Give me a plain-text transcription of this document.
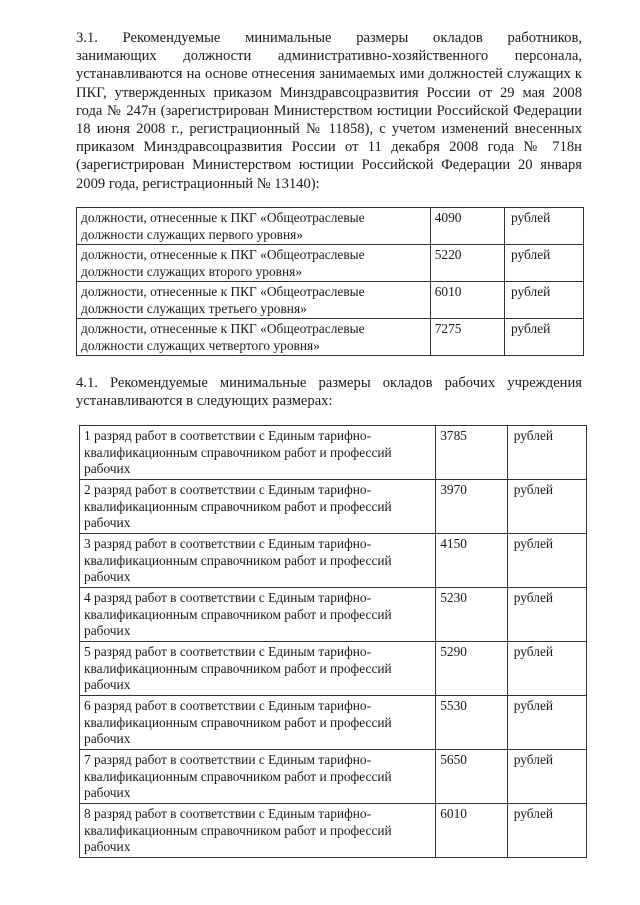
3.1. Рекомендуемые минимальные размеры окладов работников,
занимающих должности административно-хозяйственного персонала,
устанавливаются на основе отнесения занимаемых ими должностей служащих к
ПКГ, утвержденных приказом Минздравсоцразвития России от 29 мая 2008
года № 247н (зарегистрирован Министерством юстиции Российской Федерации
18 июня 2008 г., регистрационный № 11858), с учетом изменений внесенных
приказом Минздравсоцразвития России от 11 декабря 2008 года № 718н
(зарегистрирован Министерством юстиции Российской Федерации 20 января
2009 года, регистрационный № 13140):
должности, отнесенные к ПКГ «Общеотраслевые
должности служащих первого уровня»	4090	рублей

должности, отнесенные к ПКГ «Общеотраслевые
должности служащих второго уровня»	5220	рублей

должности, отнесенные к ПКГ «Общеотраслевые
должности служащих третьего уровня»	6010	рублей

должности, отнесенные к ПКГ «Общеотраслевые
должности служащих четвертого уровня»	7275	рублей
4.1. Рекомендуемые минимальные размеры окладов рабочих учреждения
устанавливаются в следующих размерах:
1 разряд работ в соответствии с Единым тарифно-
квалификационным справочником работ и профессий
рабочих	3785	рублей

2 разряд работ в соответствии с Единым тарифно-
квалификационным справочником работ и профессий
рабочих	3970	рублей

3 разряд работ в соответствии с Единым тарифно-
квалификационным справочником работ и профессий
рабочих	4150	рублей

4 разряд работ в соответствии с Единым тарифно-
квалификационным справочником работ и профессий
рабочих	5230	рублей

5 разряд работ в соответствии с Единым тарифно-
квалификационным справочником работ и профессий
рабочих	5290	рублей

6 разряд работ в соответствии с Единым тарифно-
квалификационным справочником работ и профессий
рабочих	5530	рублей

7 разряд работ в соответствии с Единым тарифно-
квалификационным справочником работ и профессий
рабочих	5650	рублей

8 разряд работ в соответствии с Единым тарифно-
квалификационным справочником работ и профессий
рабочих	6010	рублей
